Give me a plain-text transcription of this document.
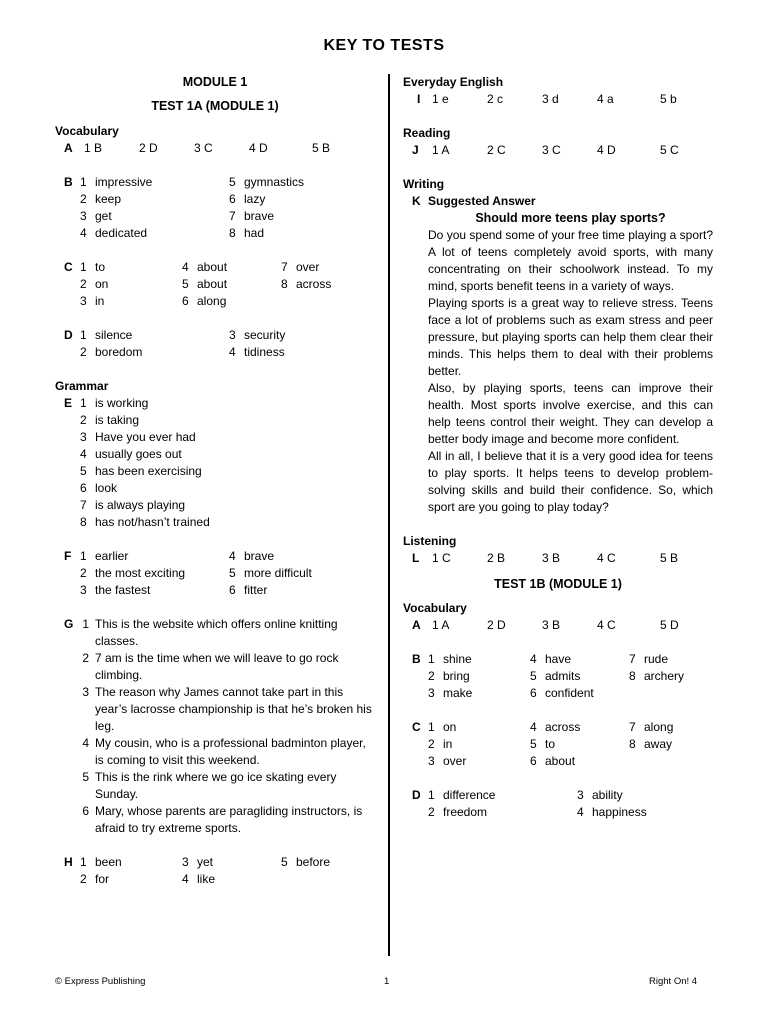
KEY TO TESTS
MODULE 1
TEST 1A (MODULE 1)
Vocabulary
A 1 B	2 D	3 C	4 D	5 B
B 1 impressive	5 gymnastics
2 keep	6 lazy
3 get	7 brave
4 dedicated	8 had
C 1 to	4 about	7 over
2 on	5 about	8 across
3 in	6 along
D 1 silence	3 security
2 boredom	4 tidiness
Grammar
E 1 is working
2 is taking
3 Have you ever had
4 usually goes out
5 has been exercising
6 look
7 is always playing
8 has not/hasn’t trained
F 1 earlier	4 brave
2 the most exciting	5 more difficult
3 the fastest	6 fitter
G 1 This is the website which offers online knitting classes.
2 7 am is the time when we will leave to go rock climbing.
3 The reason why James cannot take part in this year’s lacrosse championship is that he’s broken his leg.
4 My cousin, who is a professional badminton player, is coming to visit this weekend.
5 This is the rink where we go ice skating every Sunday.
6 Mary, whose parents are paragliding instructors, is afraid to try extreme sports.
H 1 been	3 yet	5 before
2 for	4 like
Everyday English
I 1 e	2 c	3 d	4 a	5 b
Reading
J 1 A	2 C	3 C	4 D	5 C
Writing
K Suggested Answer
Should more teens play sports?
Do you spend some of your free time playing a sport? A lot of teens completely avoid sports, with many concentrating on their schoolwork instead. To my mind, sports benefit teens in a variety of ways.
Playing sports is a great way to relieve stress. Teens face a lot of problems such as exam stress and peer pressure, but playing sports can help them clear their minds. This helps them to deal with their problems better.
Also, by playing sports, teens can improve their health. Most sports involve exercise, and this can help teens control their weight. They can develop a better body image and become more confident.
All in all, I believe that it is a very good idea for teens to play sports. It helps teens to develop problem-solving skills and build their confidence. So, which sport are you going to play today?
Listening
L 1 C	2 B	3 B	4 C	5 B
TEST 1B (MODULE 1)
Vocabulary
A 1 A	2 D	3 B	4 C	5 D
B 1 shine	4 have	7 rude
2 bring	5 admits	8 archery
3 make	6 confident
C 1 on	4 across	7 along
2 in	5 to	8 away
3 over	6 about
D 1 difference	3 ability
2 freedom	4 happiness
© Express Publishing	1	Right On! 4
